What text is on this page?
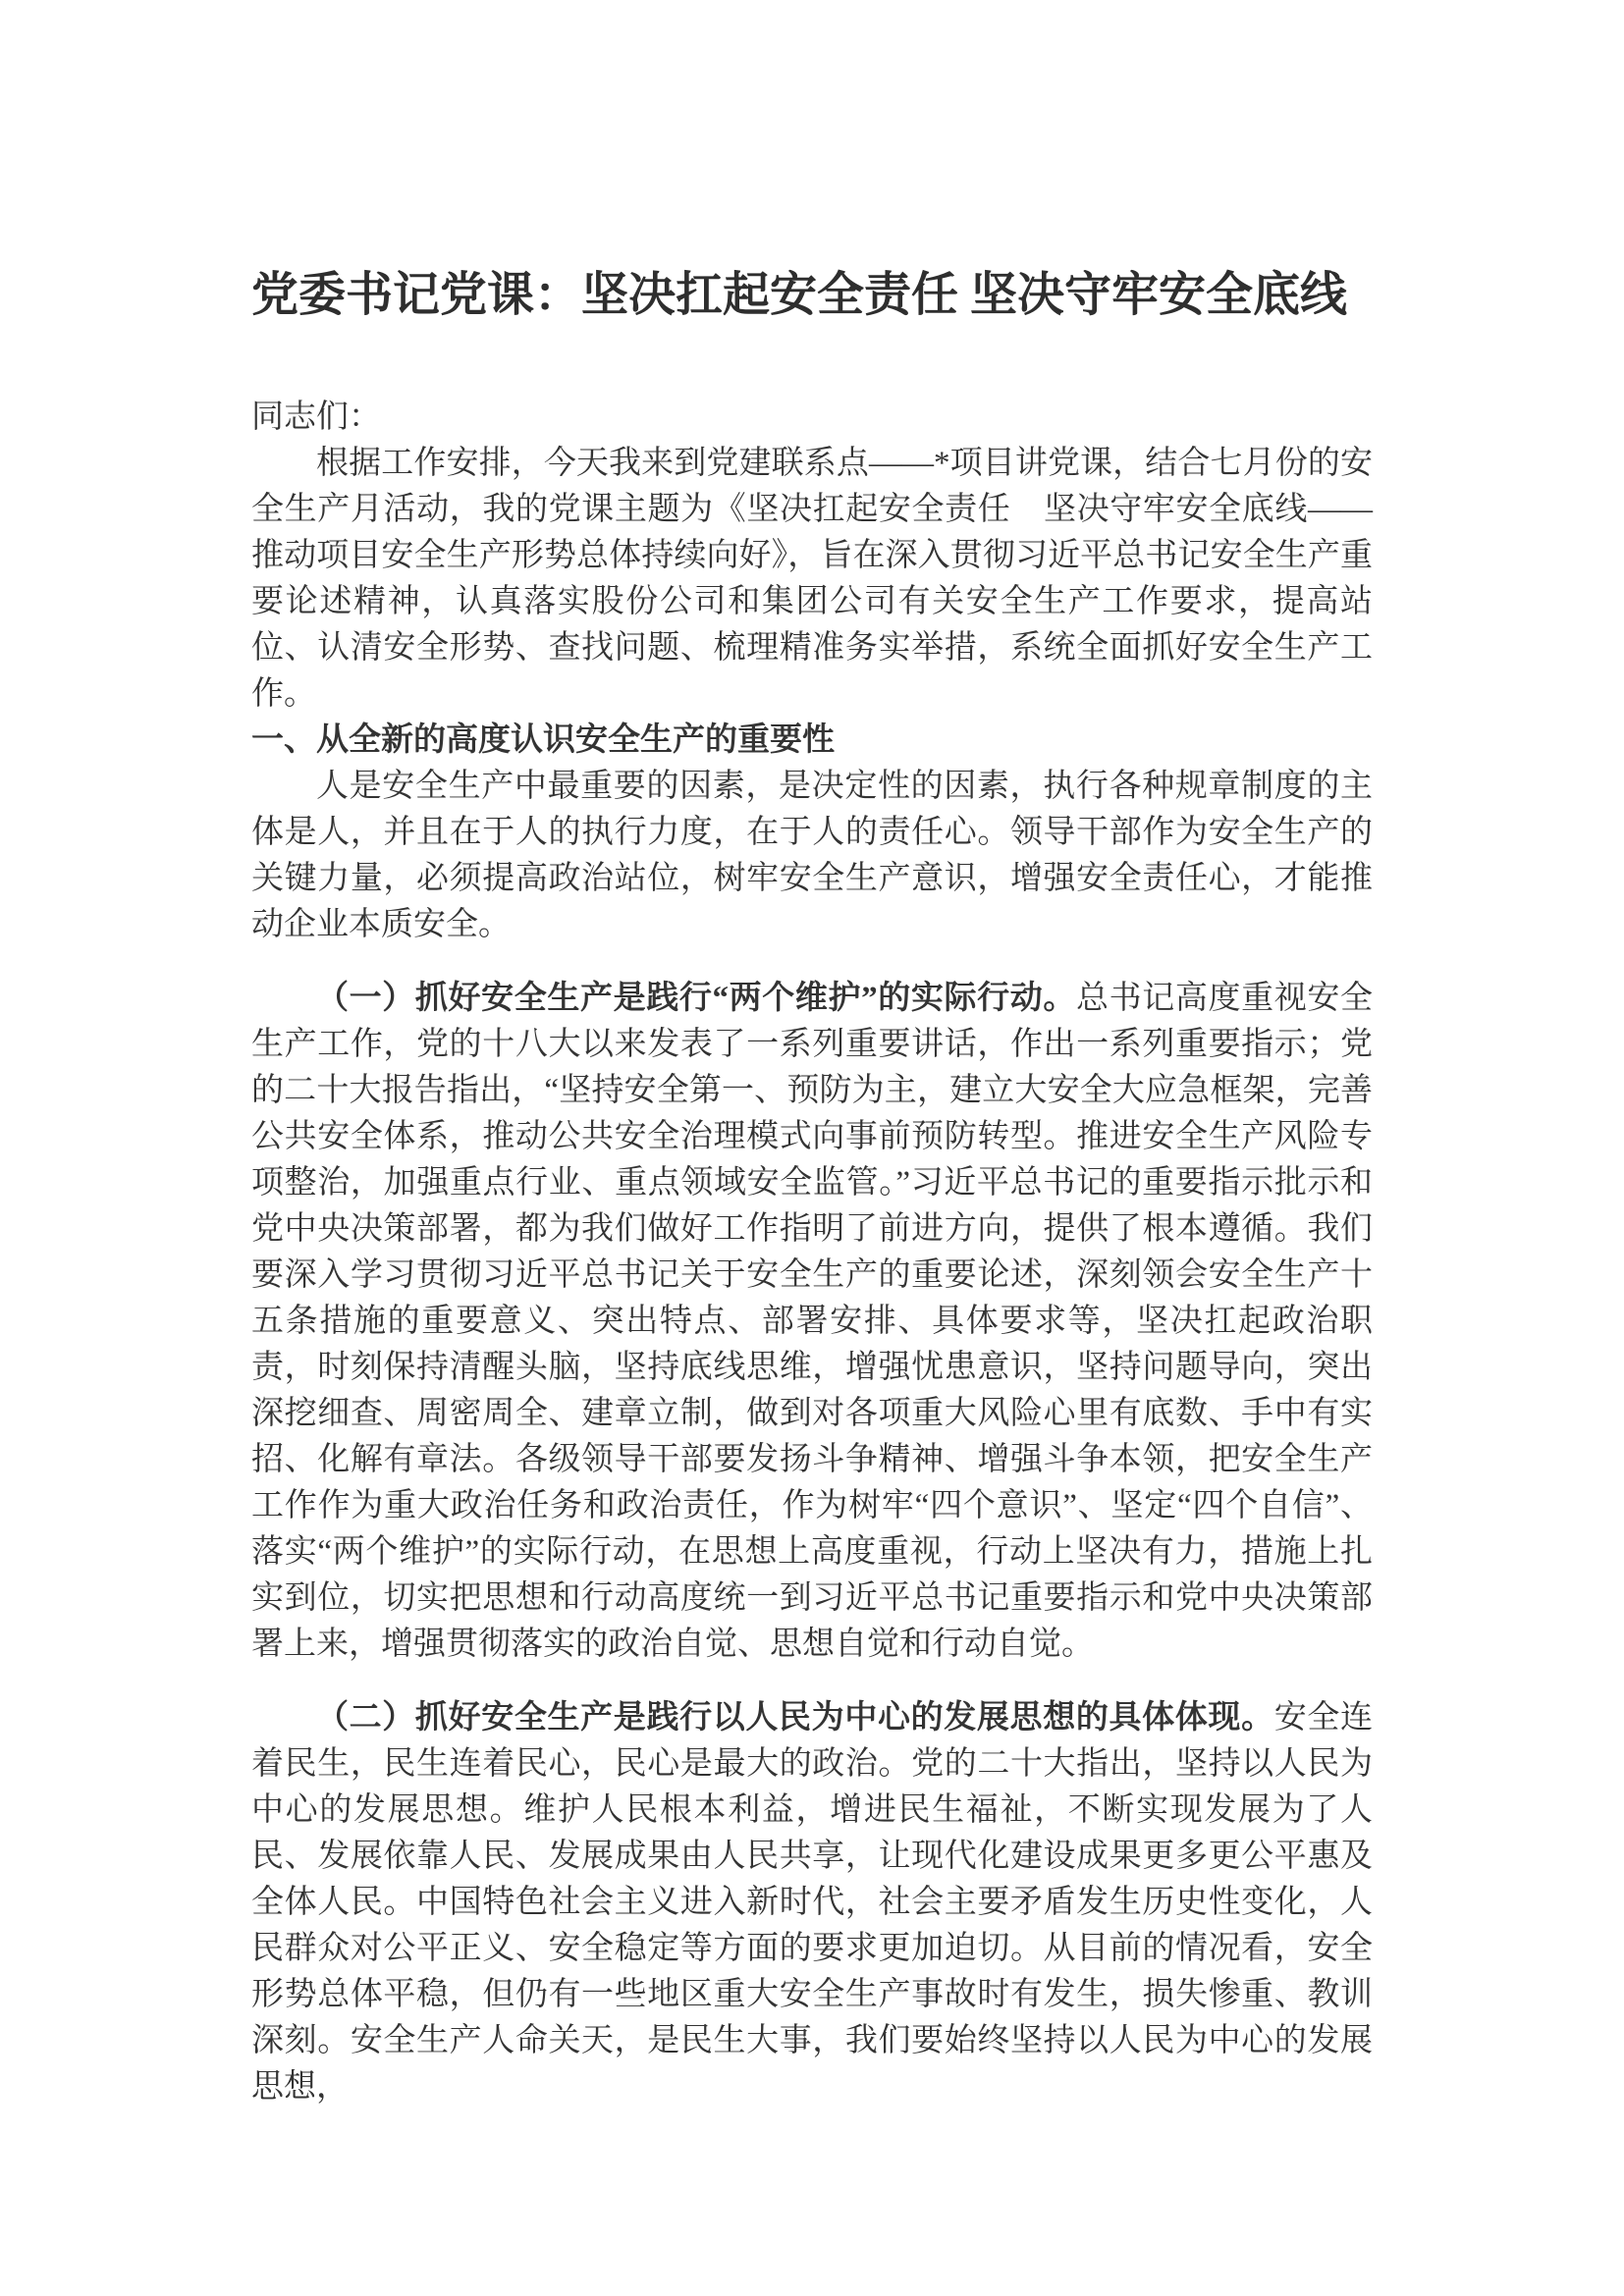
党委书记党课：坚决扛起安全责任 坚决守牢安全底线

同志们：

根据工作安排，今天我来到党建联系点——*项目讲党课，结合七月份的安全生产月活动，我的党课主题为《坚决扛起安全责任　坚决守牢安全底线——推动项目安全生产形势总体持续向好》，旨在深入贯彻习近平总书记安全生产重要论述精神，认真落实股份公司和集团公司有关安全生产工作要求，提高站位、认清安全形势、查找问题、梳理精准务实举措，系统全面抓好安全生产工作。

一、从全新的高度认识安全生产的重要性

人是安全生产中最重要的因素，是决定性的因素，执行各种规章制度的主体是人，并且在于人的执行力度，在于人的责任心。领导干部作为安全生产的关键力量，必须提高政治站位，树牢安全生产意识，增强安全责任心，才能推动企业本质安全。

（一）抓好安全生产是践行“两个维护”的实际行动。总书记高度重视安全生产工作，党的十八大以来发表了一系列重要讲话，作出一系列重要指示；党的二十大报告指出，“坚持安全第一、预防为主，建立大安全大应急框架，完善公共安全体系，推动公共安全治理模式向事前预防转型。推进安全生产风险专项整治，加强重点行业、重点领域安全监管。”习近平总书记的重要指示批示和党中央决策部署，都为我们做好工作指明了前进方向，提供了根本遵循。我们要深入学习贯彻习近平总书记关于安全生产的重要论述，深刻领会安全生产十五条措施的重要意义、突出特点、部署安排、具体要求等，坚决扛起政治职责，时刻保持清醒头脑，坚持底线思维，增强忧患意识，坚持问题导向，突出深挖细查、周密周全、建章立制，做到对各项重大风险心里有底数、手中有实招、化解有章法。各级领导干部要发扬斗争精神、增强斗争本领，把安全生产工作作为重大政治任务和政治责任，作为树牢“四个意识”、坚定“四个自信”、落实“两个维护”的实际行动，在思想上高度重视，行动上坚决有力，措施上扎实到位，切实把思想和行动高度统一到习近平总书记重要指示和党中央决策部署上来，增强贯彻落实的政治自觉、思想自觉和行动自觉。

（二）抓好安全生产是践行以人民为中心的发展思想的具体体现。安全连着民生，民生连着民心，民心是最大的政治。党的二十大指出，坚持以人民为中心的发展思想。维护人民根本利益，增进民生福祉，不断实现发展为了人民、发展依靠人民、发展成果由人民共享，让现代化建设成果更多更公平惠及全体人民。中国特色社会主义进入新时代，社会主要矛盾发生历史性变化，人民群众对公平正义、安全稳定等方面的要求更加迫切。从目前的情况看，安全形势总体平稳，但仍有一些地区重大安全生产事故时有发生，损失惨重、教训深刻。安全生产人命关天，是民生大事，我们要始终坚持以人民为中心的发展思想，
